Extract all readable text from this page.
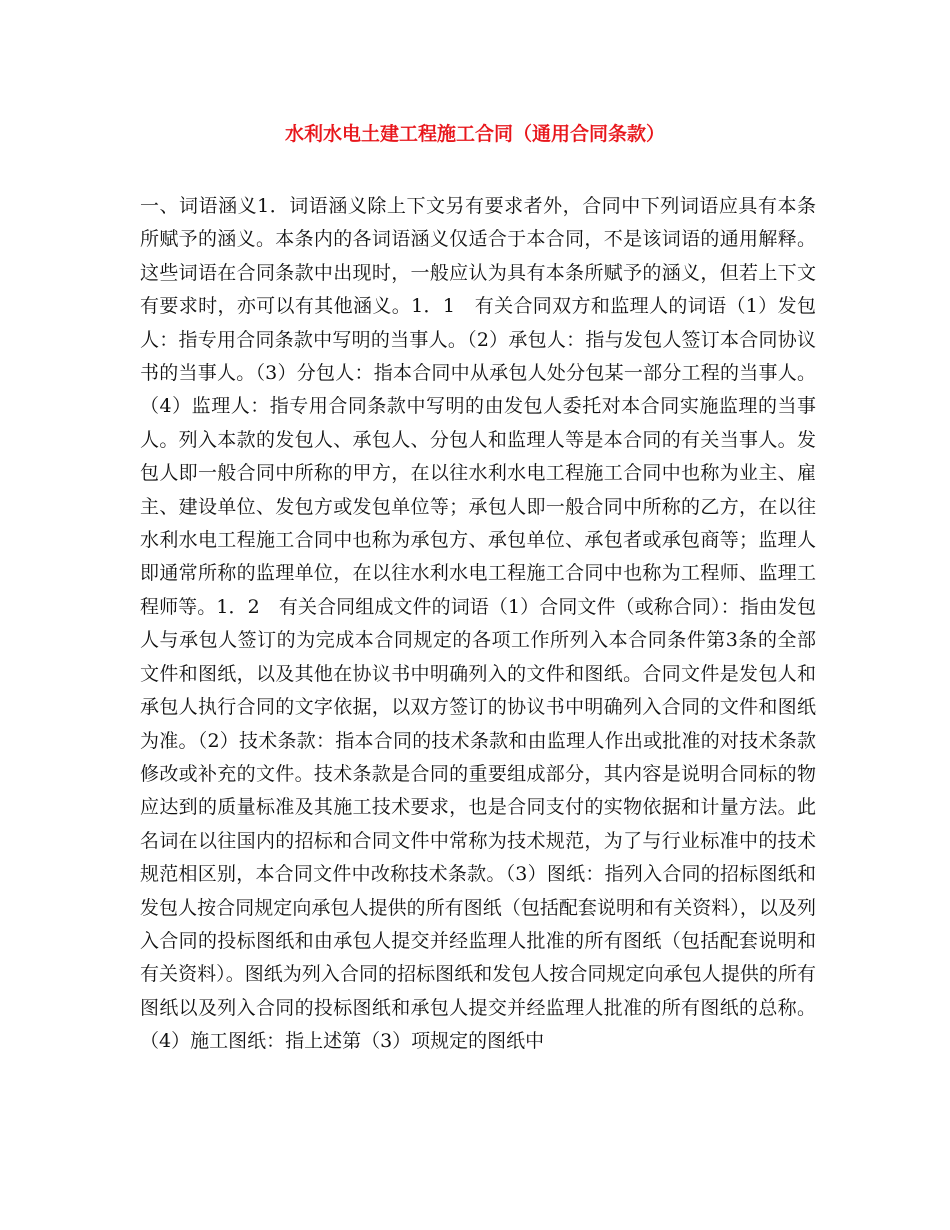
水利水电土建工程施工合同（通用合同条款）

一、词语涵义1．词语涵义除上下文另有要求者外，合同中下列词语应具有本条所赋予的涵义。本条内的各词语涵义仅适合于本合同，不是该词语的通用解释。这些词语在合同条款中出现时，一般应认为具有本条所赋予的涵义，但若上下文有要求时，亦可以有其他涵义。1．1　有关合同双方和监理人的词语（1）发包人：指专用合同条款中写明的当事人。（2）承包人：指与发包人签订本合同协议书的当事人。（3）分包人：指本合同中从承包人处分包某一部分工程的当事人。（4）监理人：指专用合同条款中写明的由发包人委托对本合同实施监理的当事人。列入本款的发包人、承包人、分包人和监理人等是本合同的有关当事人。发包人即一般合同中所称的甲方，在以往水利水电工程施工合同中也称为业主、雇主、建设单位、发包方或发包单位等；承包人即一般合同中所称的乙方，在以往水利水电工程施工合同中也称为承包方、承包单位、承包者或承包商等；监理人即通常所称的监理单位，在以往水利水电工程施工合同中也称为工程师、监理工程师等。1．2　有关合同组成文件的词语（1）合同文件（或称合同）：指由发包人与承包人签订的为完成本合同规定的各项工作所列入本合同条件第3条的全部文件和图纸，以及其他在协议书中明确列入的文件和图纸。合同文件是发包人和承包人执行合同的文字依据，以双方签订的协议书中明确列入合同的文件和图纸为准。（2）技术条款：指本合同的技术条款和由监理人作出或批准的对技术条款修改或补充的文件。技术条款是合同的重要组成部分，其内容是说明合同标的物应达到的质量标准及其施工技术要求，也是合同支付的实物依据和计量方法。此名词在以往国内的招标和合同文件中常称为技术规范，为了与行业标准中的技术规范相区别，本合同文件中改称技术条款。（3）图纸：指列入合同的招标图纸和发包人按合同规定向承包人提供的所有图纸（包括配套说明和有关资料），以及列入合同的投标图纸和由承包人提交并经监理人批准的所有图纸（包括配套说明和有关资料）。图纸为列入合同的招标图纸和发包人按合同规定向承包人提供的所有图纸以及列入合同的投标图纸和承包人提交并经监理人批准的所有图纸的总称。（4）施工图纸：指上述第（3）项规定的图纸中
